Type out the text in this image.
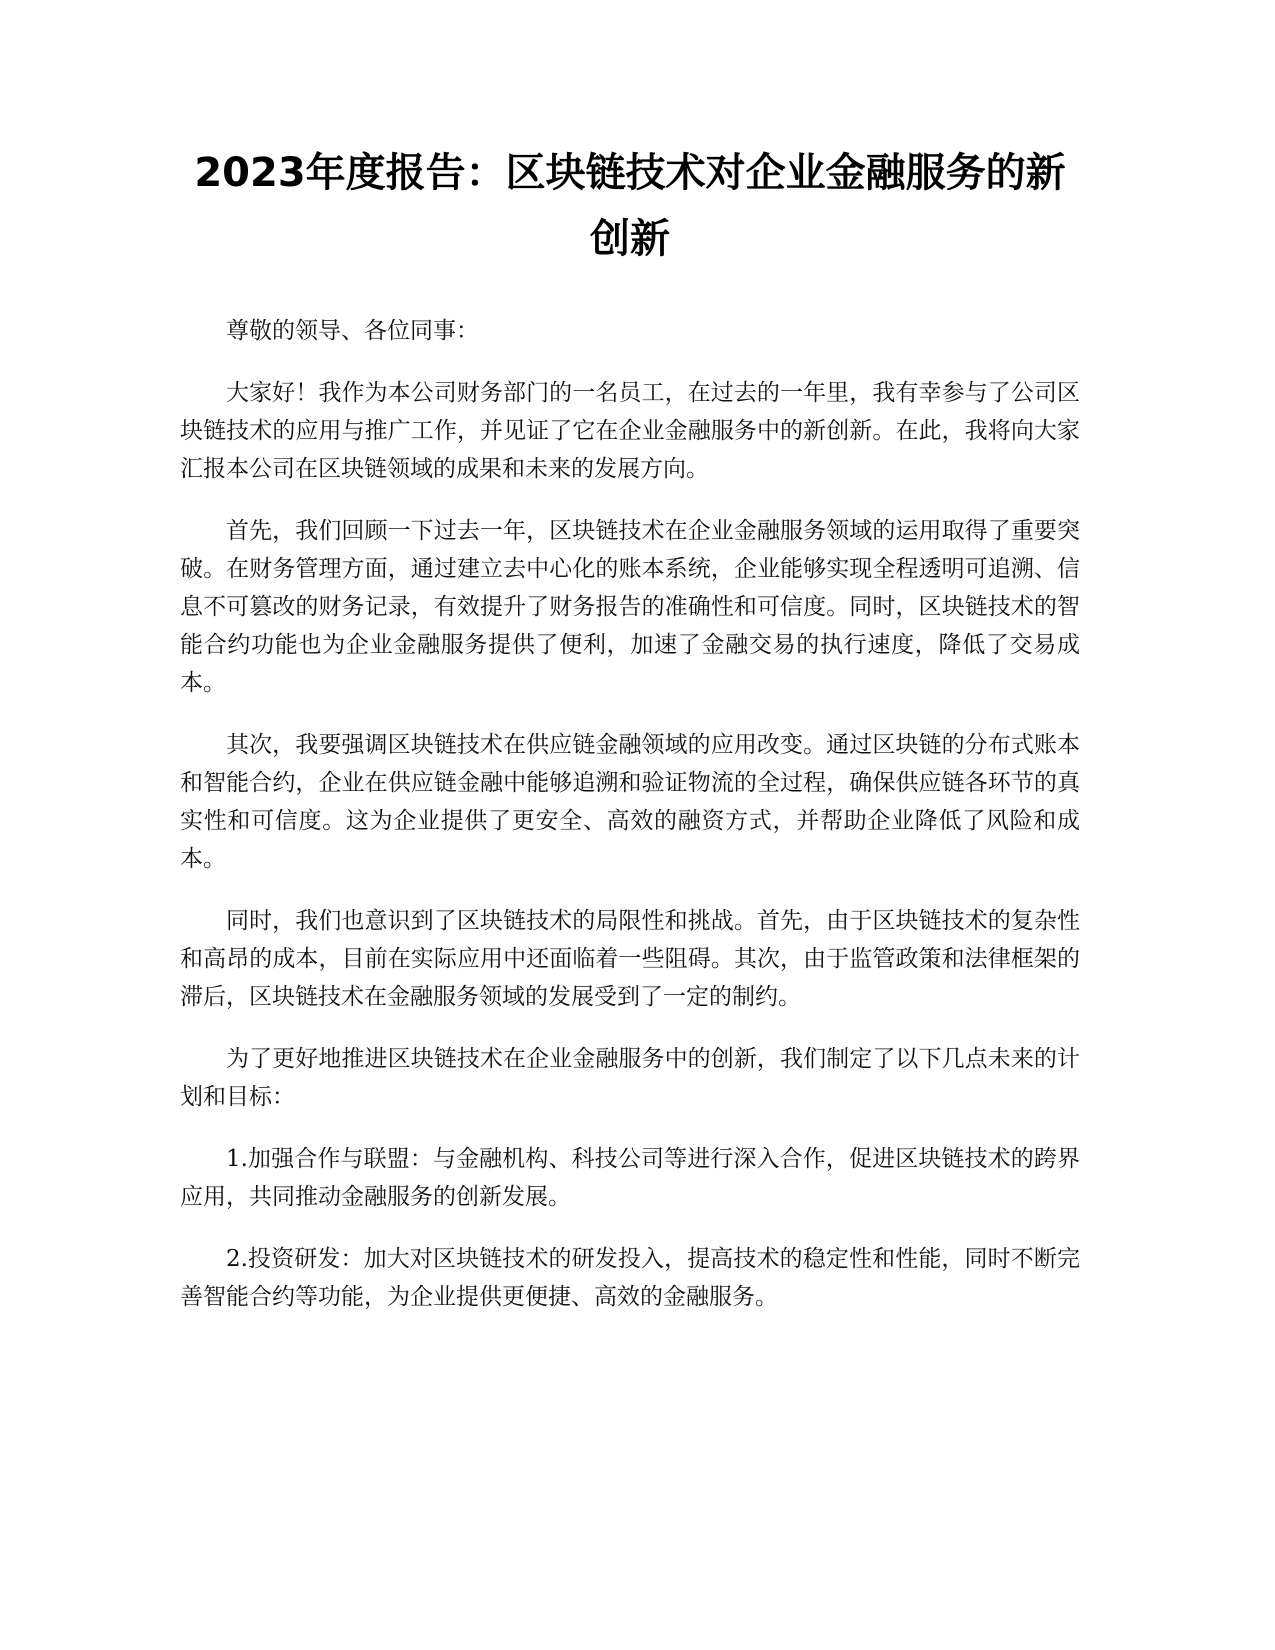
2023年度报告：区块链技术对企业金融服务的新创新

尊敬的领导、各位同事：

大家好！我作为本公司财务部门的一名员工，在过去的一年里，我有幸参与了公司区块链技术的应用与推广工作，并见证了它在企业金融服务中的新创新。在此，我将向大家汇报本公司在区块链领域的成果和未来的发展方向。

首先，我们回顾一下过去一年，区块链技术在企业金融服务领域的运用取得了重要突破。在财务管理方面，通过建立去中心化的账本系统，企业能够实现全程透明可追溯、信息不可篡改的财务记录，有效提升了财务报告的准确性和可信度。同时，区块链技术的智能合约功能也为企业金融服务提供了便利，加速了金融交易的执行速度，降低了交易成本。

其次，我要强调区块链技术在供应链金融领域的应用改变。通过区块链的分布式账本和智能合约，企业在供应链金融中能够追溯和验证物流的全过程，确保供应链各环节的真实性和可信度。这为企业提供了更安全、高效的融资方式，并帮助企业降低了风险和成本。

同时，我们也意识到了区块链技术的局限性和挑战。首先，由于区块链技术的复杂性和高昂的成本，目前在实际应用中还面临着一些阻碍。其次，由于监管政策和法律框架的滞后，区块链技术在金融服务领域的发展受到了一定的制约。

为了更好地推进区块链技术在企业金融服务中的创新，我们制定了以下几点未来的计划和目标：

1.加强合作与联盟：与金融机构、科技公司等进行深入合作，促进区块链技术的跨界应用，共同推动金融服务的创新发展。

2.投资研发：加大对区块链技术的研发投入，提高技术的稳定性和性能，同时不断完善智能合约等功能，为企业提供更便捷、高效的金融服务。
